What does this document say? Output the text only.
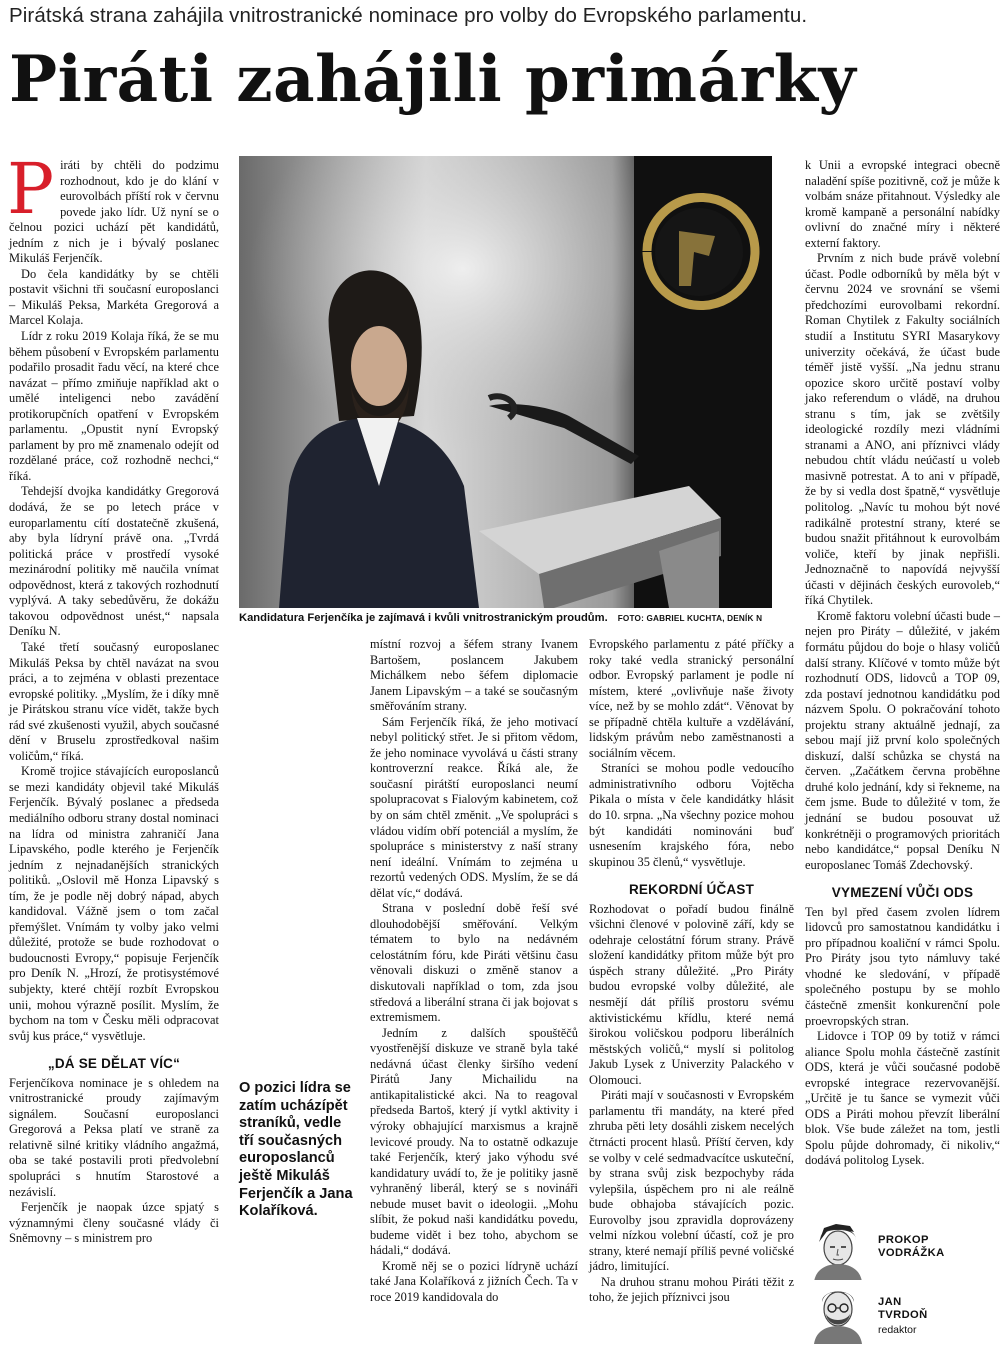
Pirátská strana zahájila vnitrostranické nominace pro volby do Evropského parlamentu.
Piráti zahájili primárky

Piráti by chtěli do podzimu rozhodnout, kdo je do klání v eurovolbách příští rok v červnu povede jako lídr. Už nyní se o čelnou pozici uchází pět kandidátů, jedním z nich je i bývalý poslanec Mikuláš Ferjenčík.

Do čela kandidátky by se chtěli postavit všichni tři současní europoslanci – Mikuláš Peksa, Markéta Gregorová a Marcel Kolaja.

Lídr z roku 2019 Kolaja říká, že se mu během působení v Evropském parlamentu podařilo prosadit řadu věcí, na které chce navázat – přímo zmiňuje například akt o umělé inteligenci nebo zavádění protikorupčních opatření v Evropském parlamentu. „Opustit nyní Evropský parlament by pro mě znamenalo odejít od rozdělané práce, což rozhodně nechci,“ říká.

Tehdejší dvojka kandidátky Gregorová dodává, že se po letech práce v europarlamentu cítí dostatečně zkušená, aby byla lídryní právě ona. „Tvrdá politická práce v prostředí vysoké mezinárodní politiky mě naučila vnímat odpovědnost, která z takových rozhodnutí vyplývá. A taky sebedůvěru, že dokážu takovou odpovědnost unést,“ napsala Deníku N.

Také třetí současný europoslanec Mikuláš Peksa by chtěl navázat na svou práci, a to zejména v oblasti prezentace evropské politiky. „Myslím, že i díky mně je Pirátskou stranu více vidět, takže bych rád své zkušenosti využil, abych současné dění v Bruselu zprostředkoval našim voličům,“ říká.

Kromě trojice stávajících europoslanců se mezi kandidáty objevil také Mikuláš Ferjenčík. Bývalý poslanec a předseda mediálního odboru strany dostal nominaci na lídra od ministra zahraničí Jana Lipavského, podle kterého je Ferjenčík jedním z nejnadanějších stranických politiků. „Oslovil mě Honza Lipavský s tím, že je podle něj dobrý nápad, abych kandidoval. Vážně jsem o tom začal přemýšlet. Vnímám ty volby jako velmi důležité, protože se bude rozhodovat o budoucnosti Evropy,“ popisuje Ferjenčík pro Deník N. „Hrozí, že protisystémové subjekty, které chtějí rozbít Evropskou unii, mohou výrazně posílit. Myslím, že bychom na tom v Česku měli odpracovat svůj kus práce,“ vysvětluje.

„DÁ SE DĚLAT VÍC“

Ferjenčíkova nominace je s ohledem na vnitrostranické proudy zajímavým signálem. Současní europoslanci Gregorová a Peksa platí ve straně za relativně silné kritiky vládního angažmá, oba se také postavili proti předvolební spolupráci s hnutím Starostové a nezávislí.

Ferjenčík je naopak úzce spjatý s významnými členy současné vlády či Sněmovny – s ministrem pro

Kandidatura Ferjenčíka je zajímavá i kvůli vnitrostranickým proudům. FOTO: GABRIEL KUCHTA, DENÍK N

místní rozvoj a šéfem strany Ivanem Bartošem, poslancem Jakubem Michálkem nebo šéfem diplomacie Janem Lipavským – a také se současným směřováním strany.

Sám Ferjenčík říká, že jeho motivací nebyl politický střet. Je si přitom vědom, že jeho nominace vyvolává u části strany kontroverzní reakce. Říká ale, že současní pirátští europoslanci neumí spolupracovat s Fialovým kabinetem, což by on sám chtěl změnit. „Ve spolupráci s vládou vidím obří potenciál a myslím, že spolupráce s ministerstvy z naší strany není ideální. Vnímám to zejména u rezortů vedených ODS. Myslím, že se dá dělat víc,“ dodává.

Strana v poslední době řeší své dlouhodobější směřování. Velkým tématem to bylo na nedávném celostátním fóru, kde Piráti většinu času věnovali diskuzi o změně stanov a diskutovali například o tom, zda jsou středová a liberální strana či jak bojovat s extremismem.

Jedním z dalších spouštěčů vyostřenější diskuze ve straně byla také nedávná účast členky širšího vedení Pirátů Jany Michailidu na antikapitalistické akci. Na to reagoval předseda Bartoš, který jí vytkl aktivity i výroky obhajující marxismus a krajně levicové proudy. Na to ostatně odkazuje také Ferjenčík, který jako výhodu své kandidatury uvádí to, že je politiky jasně vyhraněný liberál, který se s novináři nebude muset bavit o ideologii. „Mohu slíbit, že pokud naši kandidátku povedu, budeme vidět i bez toho, abychom se hádali,“ dodává.

Kromě něj se o pozici lídryně uchází také Jana Kolaříková z jižních Čech. Ta v roce 2019 kandidovala do

Evropského parlamentu z páté příčky a roky také vedla stranický personální odbor. Evropský parlament je podle ní místem, které „ovlivňuje naše životy více, než by se mohlo zdát“. Věnovat by se případně chtěla kultuře a vzdělávání, lidským právům nebo zaměstnanosti a sociálním věcem.

Straníci se mohou podle vedoucího administrativního odboru Vojtěcha Pikala o místa v čele kandidátky hlásit do 10. srpna. „Na všechny pozice mohou být kandidáti nominováni buď usnesením krajského fóra, nebo skupinou 35 členů,“ vysvětluje.

REKORDNÍ ÚČAST

Rozhodovat o pořadí budou finálně všichni členové v polovině září, kdy se odehraje celostátní fórum strany. Právě složení kandidátky přitom může být pro úspěch strany důležité. „Pro Piráty budou evropské volby důležité, ale nesmějí dát příliš prostoru svému aktivistickému křídlu, které nemá širokou voličskou podporu liberálních městských voličů,“ myslí si politolog Jakub Lysek z Univerzity Palackého v Olomouci.

Piráti mají v současnosti v Evropském parlamentu tři mandáty, na které před zhruba pěti lety dosáhli ziskem necelých čtrnácti procent hlasů. Příští červen, kdy se volby v celé sedmadvacítce uskuteční, by strana svůj zisk bezpochyby ráda vylepšila, úspěchem pro ni ale reálně bude obhajoba stávajících pozic. Eurovolby jsou zpravidla doprovázeny velmi nízkou volební účastí, což je pro strany, které nemají příliš pevné voličské jádro, limitující.

Na druhou stranu mohou Piráti těžit z toho, že jejich příznivci jsou

k Unii a evropské integraci obecně naladění spíše pozitivně, což je může k volbám snáze přitahnout. Výsledky ale kromě kampaně a personální nabídky ovlivní do značné míry i některé externí faktory.

Prvním z nich bude právě volební účast. Podle odborníků by měla být v červnu 2024 ve srovnání se všemi předchozími eurovolbami rekordní. Roman Chytilek z Fakulty sociálních studií a Institutu SYRI Masarykovy univerzity očekává, že účast bude téměř jistě vyšší. „Na jednu stranu opozice skoro určitě postaví volby jako referendum o vládě, na druhou stranu s tím, jak se zvětšily ideologické rozdíly mezi vládními stranami a ANO, ani příznivci vlády nebudou chtít vládu neúčastí u voleb masivně potrestat. A to ani v případě, že by si vedla dost špatně,“ vysvětluje politolog. „Navíc tu mohou být nové radikálně protestní strany, které se budou snažit přitáhnout k eurovolbám voliče, kteří by jinak nepřišli. Jednoznačně to napovídá nejvyšší účasti v dějinách českých eurovoleb,“ říká Chytilek.

Kromě faktoru volební účasti bude – nejen pro Piráty – důležité, v jakém formátu půjdou do boje o hlasy voličů další strany. Klíčové v tomto může být rozhodnutí ODS, lidovců a TOP 09, zda postaví jednotnou kandidátku pod názvem Spolu. O pokračování tohoto projektu strany aktuálně jednají, za sebou mají již první kolo společných diskuzí, další schůzka se chystá na červen. „Začátkem června proběhne druhé kolo jednání, kdy si řekneme, na čem jsme. Bude to důležité v tom, že jednání se budou posouvat už konkrétněji o programových prioritách nebo kandidátce,“ popsal Deníku N europoslanec Tomáš Zdechovský.

VYMEZENÍ VŮČI ODS

Ten byl před časem zvolen lídrem lidovců pro samostatnou kandidátku i pro případnou koaliční v rámci Spolu. Pro Piráty jsou tyto námluvy také vhodné ke sledování, v případě společného postupu by se mohlo částečně zmenšit konkurenční pole proevropských stran.

Lidovce i TOP 09 by totiž v rámci aliance Spolu mohla částečně zastínit ODS, která je vůči současné podobě evropské integrace rezervovanější. „Určitě je tu šance se vymezit vůči ODS a Piráti mohou převzít liberální blok. Vše bude záležet na tom, jestli Spolu půjde dohromady, či nikoliv,“ dodává politolog Lysek.

O pozici lídra se zatím ucházípět straníků, vedle tří současných europoslanců ještě Mikuláš Ferjenčík a Jana Kolaříková.
PROKOP
VODRÁŽKA
JAN
TVRDOŇ
redaktor
